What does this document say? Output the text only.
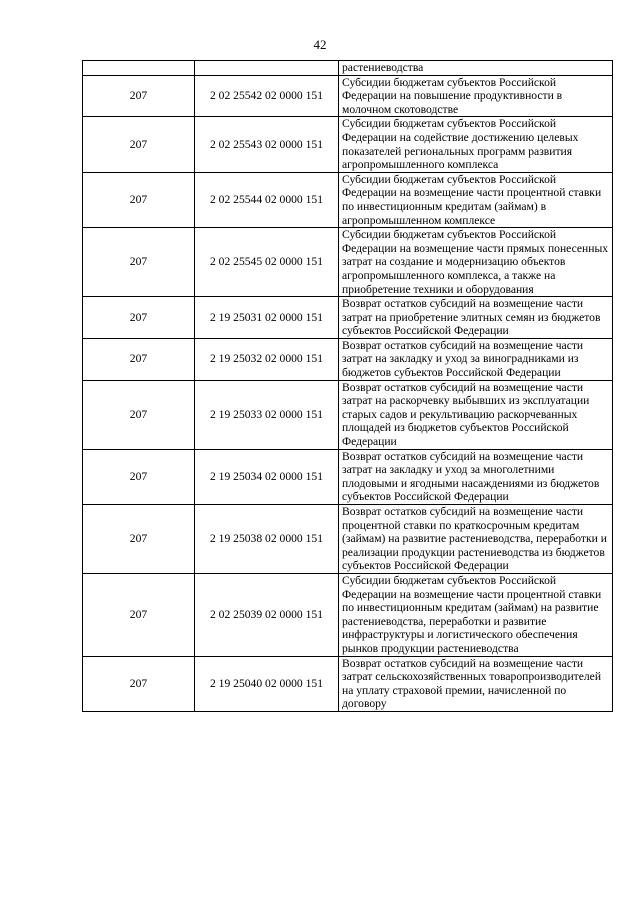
42
		растениеводства
207	2 02 25542 02 0000 151	Субсидии бюджетам субъектов Российской Федерации на повышение продуктивности в молочном скотоводстве
207	2 02 25543 02 0000 151	Субсидии бюджетам субъектов Российской Федерации на содействие достижению целевых показателей региональных программ развития агропромышленного комплекса
207	2 02 25544 02 0000 151	Субсидии бюджетам субъектов Российской Федерации на возмещение части процентной ставки по инвестиционным кредитам (займам) в агропромышленном комплексе
207	2 02 25545 02 0000 151	Субсидии бюджетам субъектов Российской Федерации на возмещение части прямых понесенных затрат на создание и модернизацию объектов агропромышленного комплекса, а также на приобретение техники и оборудования
207	2 19 25031 02 0000 151	Возврат остатков субсидий на возмещение части затрат на приобретение элитных семян из бюджетов субъектов Российской Федерации
207	2 19 25032 02 0000 151	Возврат остатков субсидий на возмещение части затрат на закладку и уход за виноградниками из бюджетов субъектов Российской Федерации
207	2 19 25033 02 0000 151	Возврат остатков субсидий на возмещение части затрат на раскорчевку выбывших из эксплуатации старых садов и рекультивацию раскорчеванных площадей из бюджетов субъектов Российской Федерации
207	2 19 25034 02 0000 151	Возврат остатков субсидий на возмещение части затрат на закладку и уход за многолетними плодовыми и ягодными насаждениями из бюджетов субъектов Российской Федерации
207	2 19 25038 02 0000 151	Возврат остатков субсидий на возмещение части процентной ставки по краткосрочным кредитам (займам) на развитие растениеводства, переработки и реализации продукции растениеводства из бюджетов субъектов Российской Федерации
207	2 02 25039 02 0000 151	Субсидии бюджетам субъектов Российской Федерации на возмещение части процентной ставки по инвестиционным кредитам (займам) на развитие растениеводства, переработки и развитие инфраструктуры и логистического обеспечения рынков продукции растениеводства
207	2 19 25040 02 0000 151	Возврат остатков субсидий на возмещение части затрат сельскохозяйственных товаропроизводителей на уплату страховой премии, начисленной по договору
